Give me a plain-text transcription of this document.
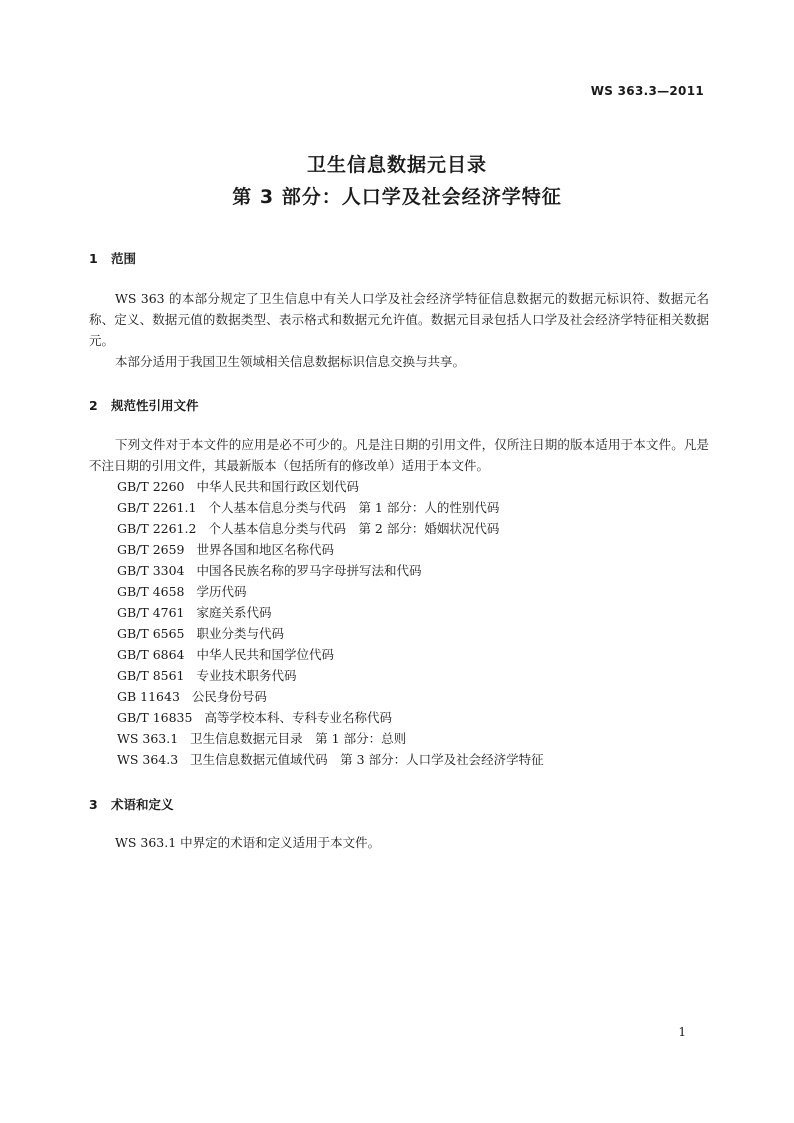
WS 363.3—2011
卫生信息数据元目录
第 3 部分：人口学及社会经济学特征
1 范围

WS 363 的本部分规定了卫生信息中有关人口学及社会经济学特征信息数据元的数据元标识符、数据元名称、定义、数据元值的数据类型、表示格式和数据元允许值。数据元目录包括人口学及社会经济学特征相关数据元。

本部分适用于我国卫生领域相关信息数据标识信息交换与共享。

2 规范性引用文件

下列文件对于本文件的应用是必不可少的。凡是注日期的引用文件，仅所注日期的版本适用于本文件。凡是不注日期的引用文件，其最新版本（包括所有的修改单）适用于本文件。

GB/T 2260 中华人民共和国行政区划代码
GB/T 2261.1 个人基本信息分类与代码　第 1 部分：人的性别代码
GB/T 2261.2 个人基本信息分类与代码　第 2 部分：婚姻状况代码
GB/T 2659 世界各国和地区名称代码
GB/T 3304 中国各民族名称的罗马字母拼写法和代码
GB/T 4658 学历代码
GB/T 4761 家庭关系代码
GB/T 6565 职业分类与代码
GB/T 6864 中华人民共和国学位代码
GB/T 8561 专业技术职务代码
GB 11643 公民身份号码
GB/T 16835 高等学校本科、专科专业名称代码
WS 363.1 卫生信息数据元目录　第 1 部分：总则
WS 364.3 卫生信息数据元值域代码　第 3 部分：人口学及社会经济学特征
3 术语和定义

WS 363.1 中界定的术语和定义适用于本文件。

1
